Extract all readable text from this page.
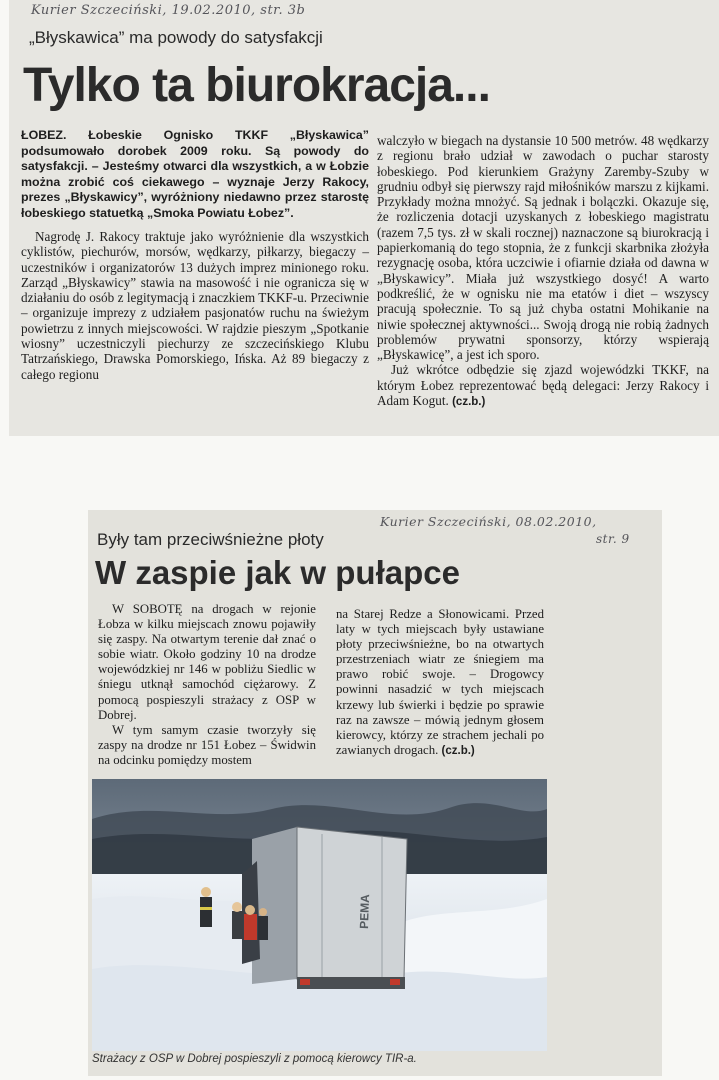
Kurier Szczeciński, 19.02.2010, str. 3b
„Błyskawica” ma powody do satysfakcji
Tylko ta biurokracja...

ŁOBEZ. Łobeskie Ognisko TKKF „Błyskawica” podsumowało dorobek 2009 roku. Są powody do satysfakcji. – Jesteśmy otwarci dla wszystkich, a w Łobzie można zrobić coś ciekawego – wyznaje Jerzy Rakocy, prezes „Błyskawicy”, wyróżniony niedawno przez starostę łobeskiego statuetką „Smoka Powiatu Łobez”.

Nagrodę J. Rakocy traktuje jako wyróżnienie dla wszystkich cyklistów, piechurów, morsów, wędkarzy, piłkarzy, biegaczy – uczestników i organizatorów 13 dużych imprez minionego roku. Zarząd „Błyskawicy” stawia na masowość i nie ogranicza się w działaniu do osób z legitymacją i znaczkiem TKKF-u. Przeciwnie – organizuje imprezy z udziałem pasjonatów ruchu na świeżym powietrzu z innych miejscowości. W rajdzie pieszym „Spotkanie wiosny” uczestniczyli piechurzy ze szczecińskiego Klubu Tatrzańskiego, Drawska Pomorskiego, Ińska. Aż 89 biegaczy z całego regionu

walczyło w biegach na dystansie 10 500 metrów. 48 wędkarzy z regionu brało udział w zawodach o puchar starosty łobeskiego. Pod kierunkiem Grażyny Zaremby-Szuby w grudniu odbył się pierwszy rajd miłośników marszu z kijkami. Przykłady można mnożyć. Są jednak i bolączki. Okazuje się, że rozliczenia dotacji uzyskanych z łobeskiego magistratu (razem 7,5 tys. zł w skali rocznej) naznaczone są biurokracją i papierkomanią do tego stopnia, że z funkcji skarbnika złożyła rezygnację osoba, która uczciwie i ofiarnie działa od dawna w „Błyskawicy”. Miała już wszystkiego dosyć! A warto podkreślić, że w ognisku nie ma etatów i diet – wszyscy pracują społecznie. To są już chyba ostatni Mohikanie na niwie społecznej aktywności... Swoją drogą nie robią żadnych problemów prywatni sponsorzy, którzy wspierają „Błyskawicę”, a jest ich sporo.

Już wkrótce odbędzie się zjazd wojewódzki TKKF, na którym Łobez reprezentować będą delegaci: Jerzy Rakocy i Adam Kogut. (cz.b.)

Kurier Szczeciński, 08.02.2010,
str. 9
Były tam przeciwśnieżne płoty
W zaspie jak w pułapce

W SOBOTĘ na drogach w rejonie Łobza w kilku miejscach znowu pojawiły się zaspy. Na otwartym terenie dał znać o sobie wiatr. Około godziny 10 na drodze wojewódzkiej nr 146 w pobliżu Siedlic w śniegu utknął samochód ciężarowy. Z pomocą pospieszyli strażacy z OSP w Dobrej.

W tym samym czasie tworzyły się zaspy na drodze nr 151 Łobez – Świdwin na odcinku pomiędzy mostem

na Starej Redze a Słonowicami. Przed laty w tych miejscach były ustawiane płoty przeciwśnieżne, bo na otwartych przestrzeniach wiatr ze śniegiem ma prawo robić swoje. – Drogowcy powinni nasadzić w tych miejscach krzewy lub świerki i będzie po sprawie raz na zawsze – mówią jednym głosem kierowcy, którzy ze strachem jechali po zawianych drogach. (cz.b.)

PEMA
Strażacy z OSP w Dobrej pospieszyli z pomocą kierowcy TIR-a.
